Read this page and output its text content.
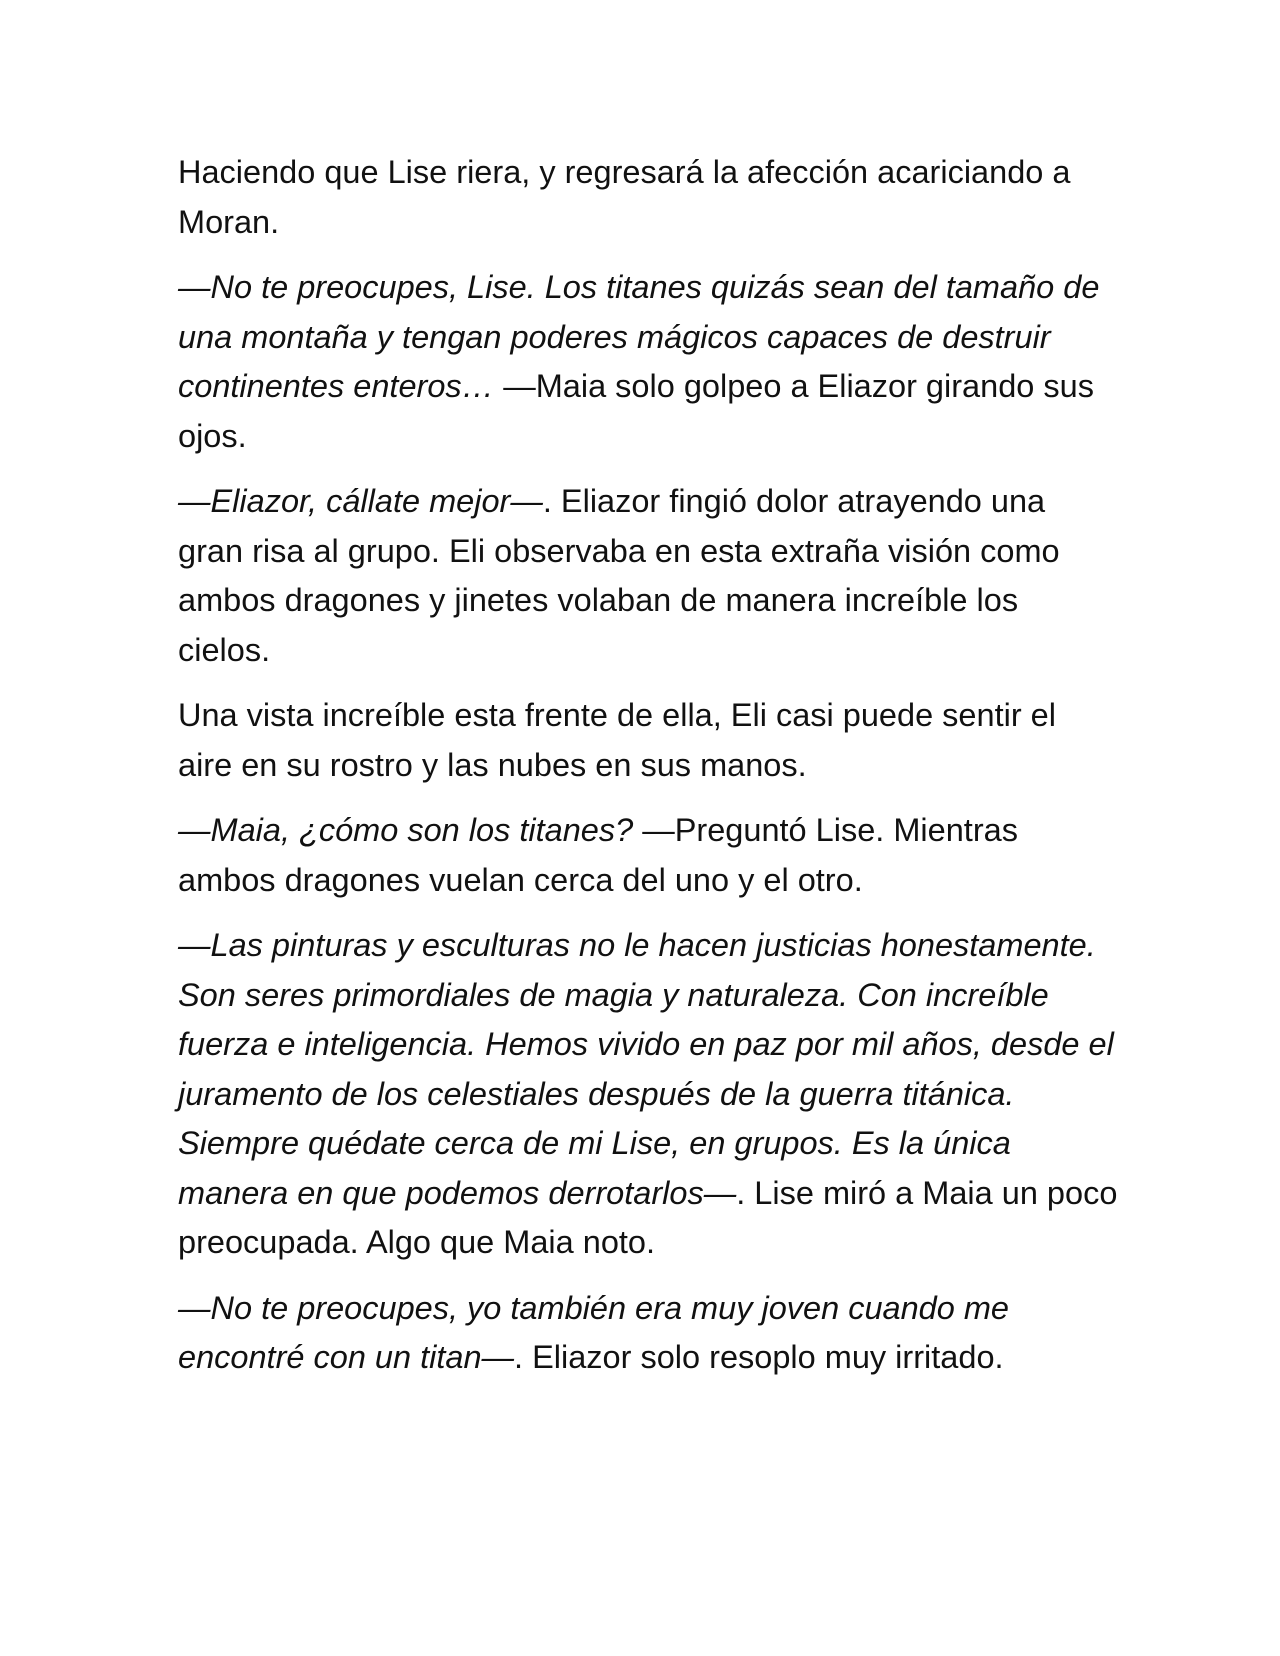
Haciendo que Lise riera, y regresará la afección acariciando a Moran.

—No te preocupes, Lise. Los titanes quizás sean del tamaño de una montaña y tengan poderes mágicos capaces de destruir continentes enteros… —Maia solo golpeo a Eliazor girando sus ojos.

—Eliazor, cállate mejor—. Eliazor fingió dolor atrayendo una gran risa al grupo. Eli observaba en esta extraña visión como ambos dragones y jinetes volaban de manera increíble los cielos.

Una vista increíble esta frente de ella, Eli casi puede sentir el aire en su rostro y las nubes en sus manos.

—Maia, ¿cómo son los titanes? —Preguntó Lise. Mientras ambos dragones vuelan cerca del uno y el otro.

—Las pinturas y esculturas no le hacen justicias honestamente. Son seres primordiales de magia y naturaleza. Con increíble fuerza e inteligencia. Hemos vivido en paz por mil años, desde el juramento de los celestiales después de la guerra titánica. Siempre quédate cerca de mi Lise, en grupos. Es la única manera en que podemos derrotarlos—. Lise miró a Maia un poco preocupada. Algo que Maia noto.

—No te preocupes, yo también era muy joven cuando me encontré con un titan—. Eliazor solo resoplo muy irritado.
